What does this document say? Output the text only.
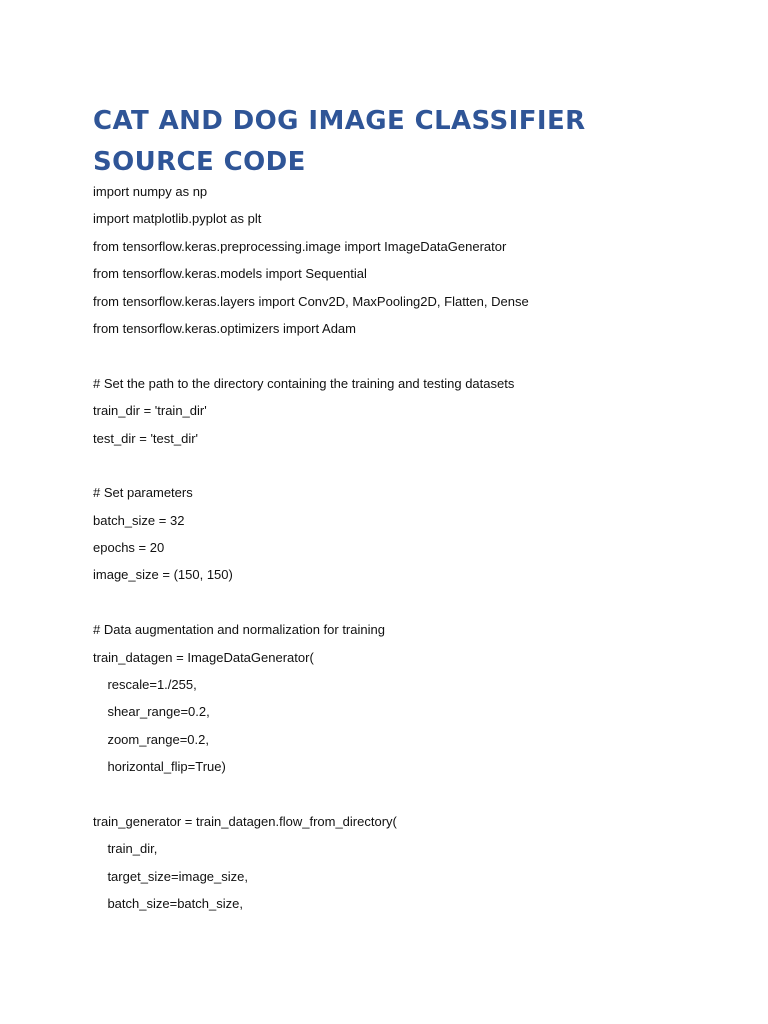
CAT AND DOG IMAGE CLASSIFIER
SOURCE CODE
import numpy as np
import matplotlib.pyplot as plt
from tensorflow.keras.preprocessing.image import ImageDataGenerator
from tensorflow.keras.models import Sequential
from tensorflow.keras.layers import Conv2D, MaxPooling2D, Flatten, Dense
from tensorflow.keras.optimizers import Adam
# Set the path to the directory containing the training and testing datasets
train_dir = 'train_dir'
test_dir = 'test_dir'
# Set parameters
batch_size = 32
epochs = 20
image_size = (150, 150)
# Data augmentation and normalization for training
train_datagen = ImageDataGenerator(
rescale=1./255,
shear_range=0.2,
zoom_range=0.2,
horizontal_flip=True)
train_generator = train_datagen.flow_from_directory(
train_dir,
target_size=image_size,
batch_size=batch_size,
